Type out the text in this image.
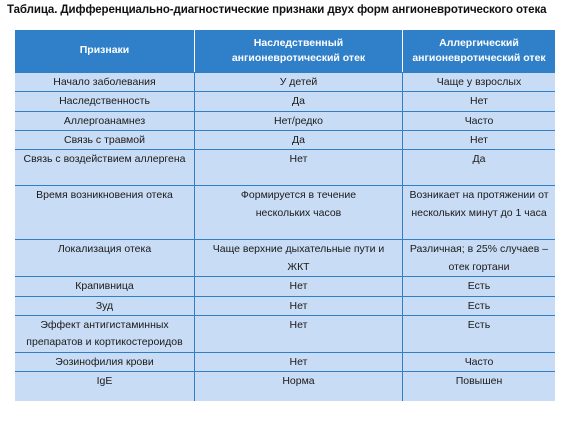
Таблица. Дифференциально-диагностические признаки двух форм ангионевротического отека
Признаки	Наследственный ангионевротический отек	Аллергический ангионевротический отек
Начало заболевания	У детей	Чаще у взрослых
Наследственность	Да	Нет
Аллергоанамнез	Нет/редко	Часто
Связь с травмой	Да	Нет
Связь с воздействием аллергена	Нет	Да
Время возникновения отека	Формируется в течение нескольких часов	Возникает на протяжении от нескольких минут до 1 часа
Локализация отека	Чаще верхние дыхательные пути и ЖКТ	Различная; в 25% случаев – отек гортани
Крапивница	Нет	Есть
Зуд	Нет	Есть
Эффект антигистаминных препаратов и кортикостероидов	Нет	Есть
Эозинофилия крови	Нет	Часто
IgE	Норма	Повышен
